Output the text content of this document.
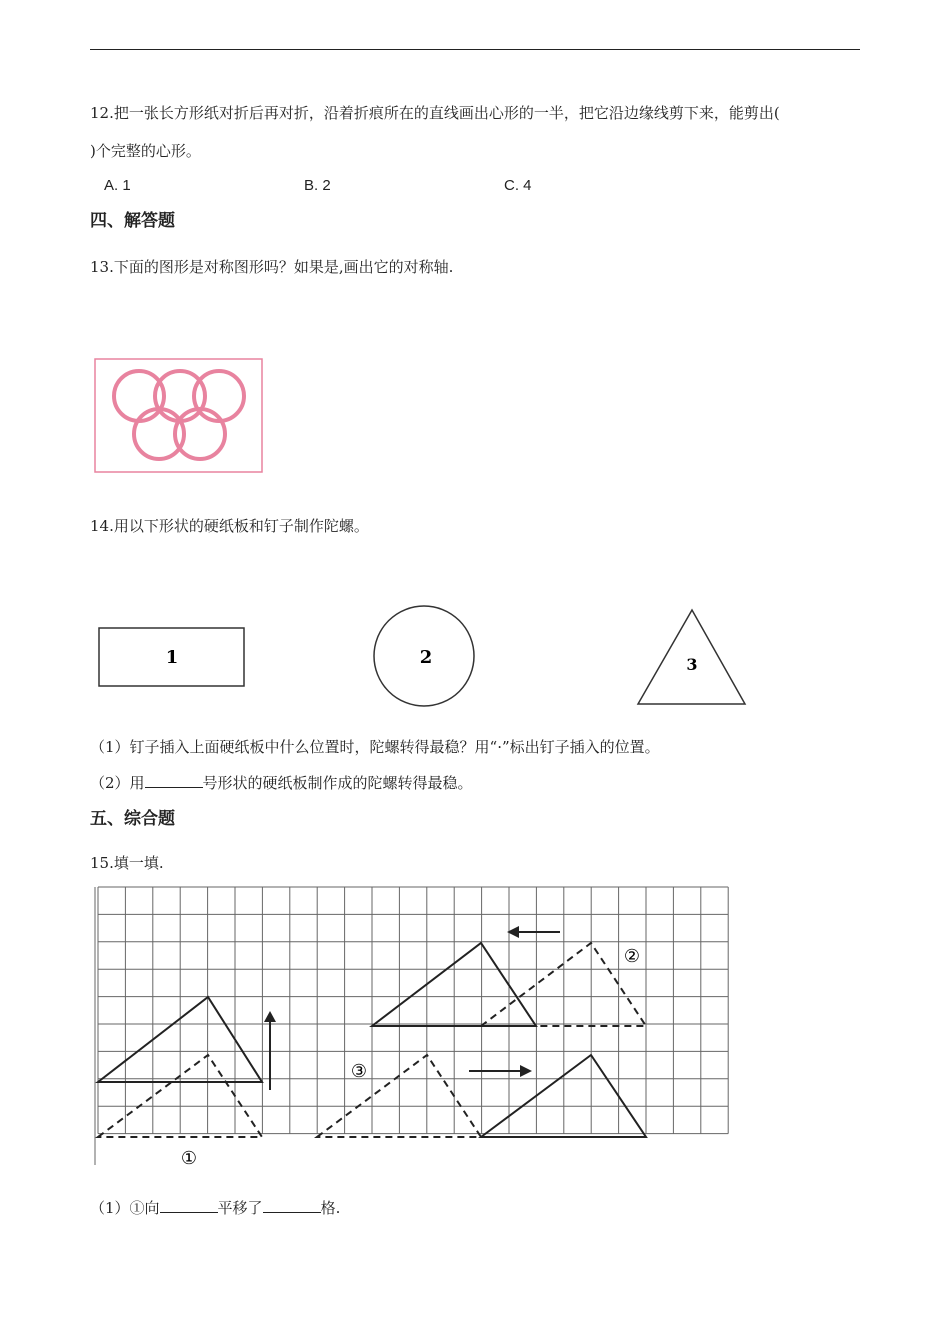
12.把一张长方形纸对折后再对折，沿着折痕所在的直线画出心形的一半，把它沿边缘线剪下来，能剪出(
)个完整的心形。
A. 1	B. 2	C. 4
四、解答题
13.下面的图形是对称图形吗？如果是,画出它的对称轴.
14.用以下形状的硬纸板和钉子制作陀螺。
1	2	3
（1）钉子插入上面硬纸板中什么位置时，陀螺转得最稳？用“·”标出钉子插入的位置。
（2）用	号形状的硬纸板制作成的陀螺转得最稳。
五、综合题
15.填一填.
①
②
③
（1）①向	平移了	格.
